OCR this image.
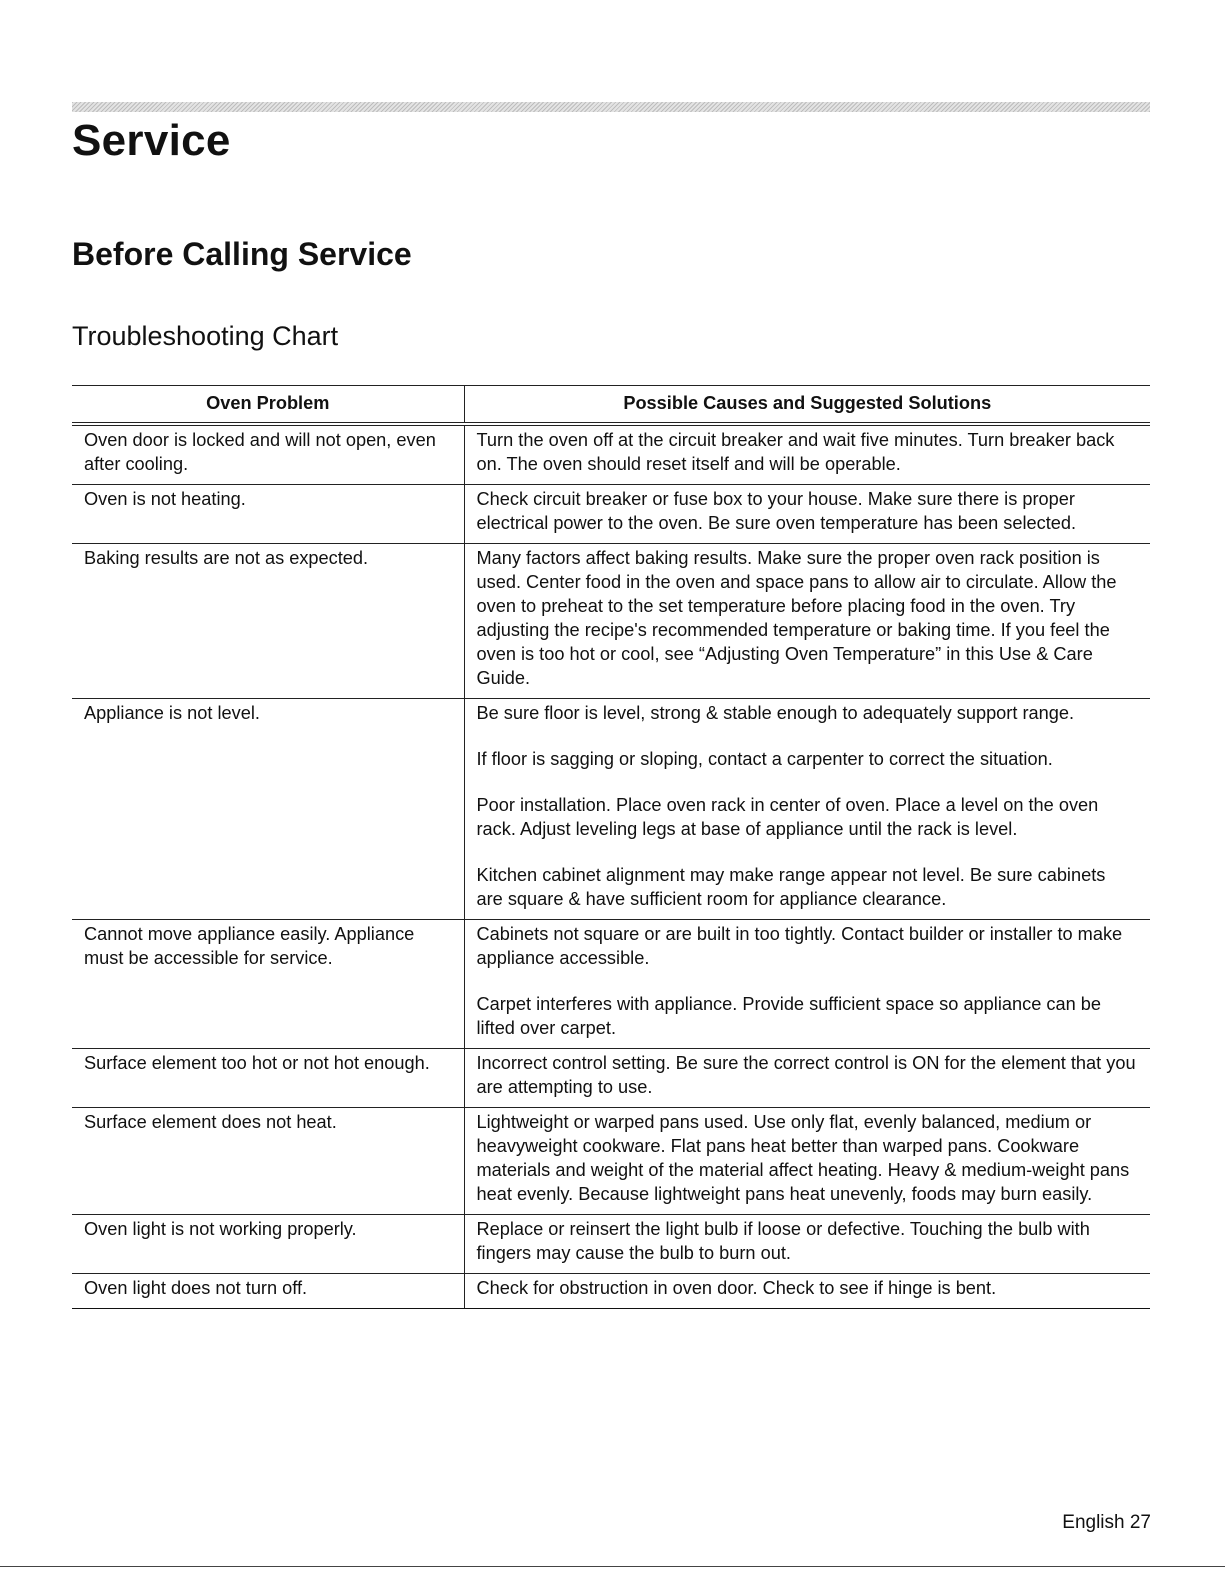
Service
Before Calling Service
Troubleshooting Chart
Oven Problem	Possible Causes and Suggested Solutions
Oven door is locked and will not open, even after cooling.	Turn the oven off at the circuit breaker and wait five minutes. Turn breaker back on. The oven should reset itself and will be operable.

Oven is not heating.	Check circuit breaker or fuse box to your house. Make sure there is proper electrical power to the oven. Be sure oven temperature has been selected.

Baking results are not as expected.	Many factors affect baking results. Make sure the proper oven rack position is used. Center food in the oven and space pans to allow air to circulate. Allow the oven to preheat to the set temperature before placing food in the oven. Try adjusting the recipe's recommended temperature or baking time. If you feel the oven is too hot or cool, see “Adjusting Oven Temperature” in this Use & Care Guide.

Appliance is not level.	Be sure floor is level, strong & stable enough to adequately support range.

If floor is sagging or sloping, contact a carpenter to correct the situation.

Poor installation. Place oven rack in center of oven. Place a level on the oven rack. Adjust leveling legs at base of appliance until the rack is level.

Kitchen cabinet alignment may make range appear not level. Be sure cabinets are square & have sufficient room for appliance clearance.

Cannot move appliance easily. Appliance must be accessible for service.	Cabinets not square or are built in too tightly. Contact builder or installer to make appliance accessible.

Carpet interferes with appliance. Provide sufficient space so appliance can be lifted over carpet.

Surface element too hot or not hot enough.	Incorrect control setting. Be sure the correct control is ON for the element that you are attempting to use.

Surface element does not heat.	Lightweight or warped pans used. Use only flat, evenly balanced, medium or heavyweight cookware. Flat pans heat better than warped pans. Cookware materials and weight of the material affect heating. Heavy & medium-weight pans heat evenly. Because lightweight pans heat unevenly, foods may burn easily.

Oven light is not working properly.	Replace or reinsert the light bulb if loose or defective. Touching the bulb with fingers may cause the bulb to burn out.

Oven light does not turn off.	Check for obstruction in oven door. Check to see if hinge is bent.

English 27
